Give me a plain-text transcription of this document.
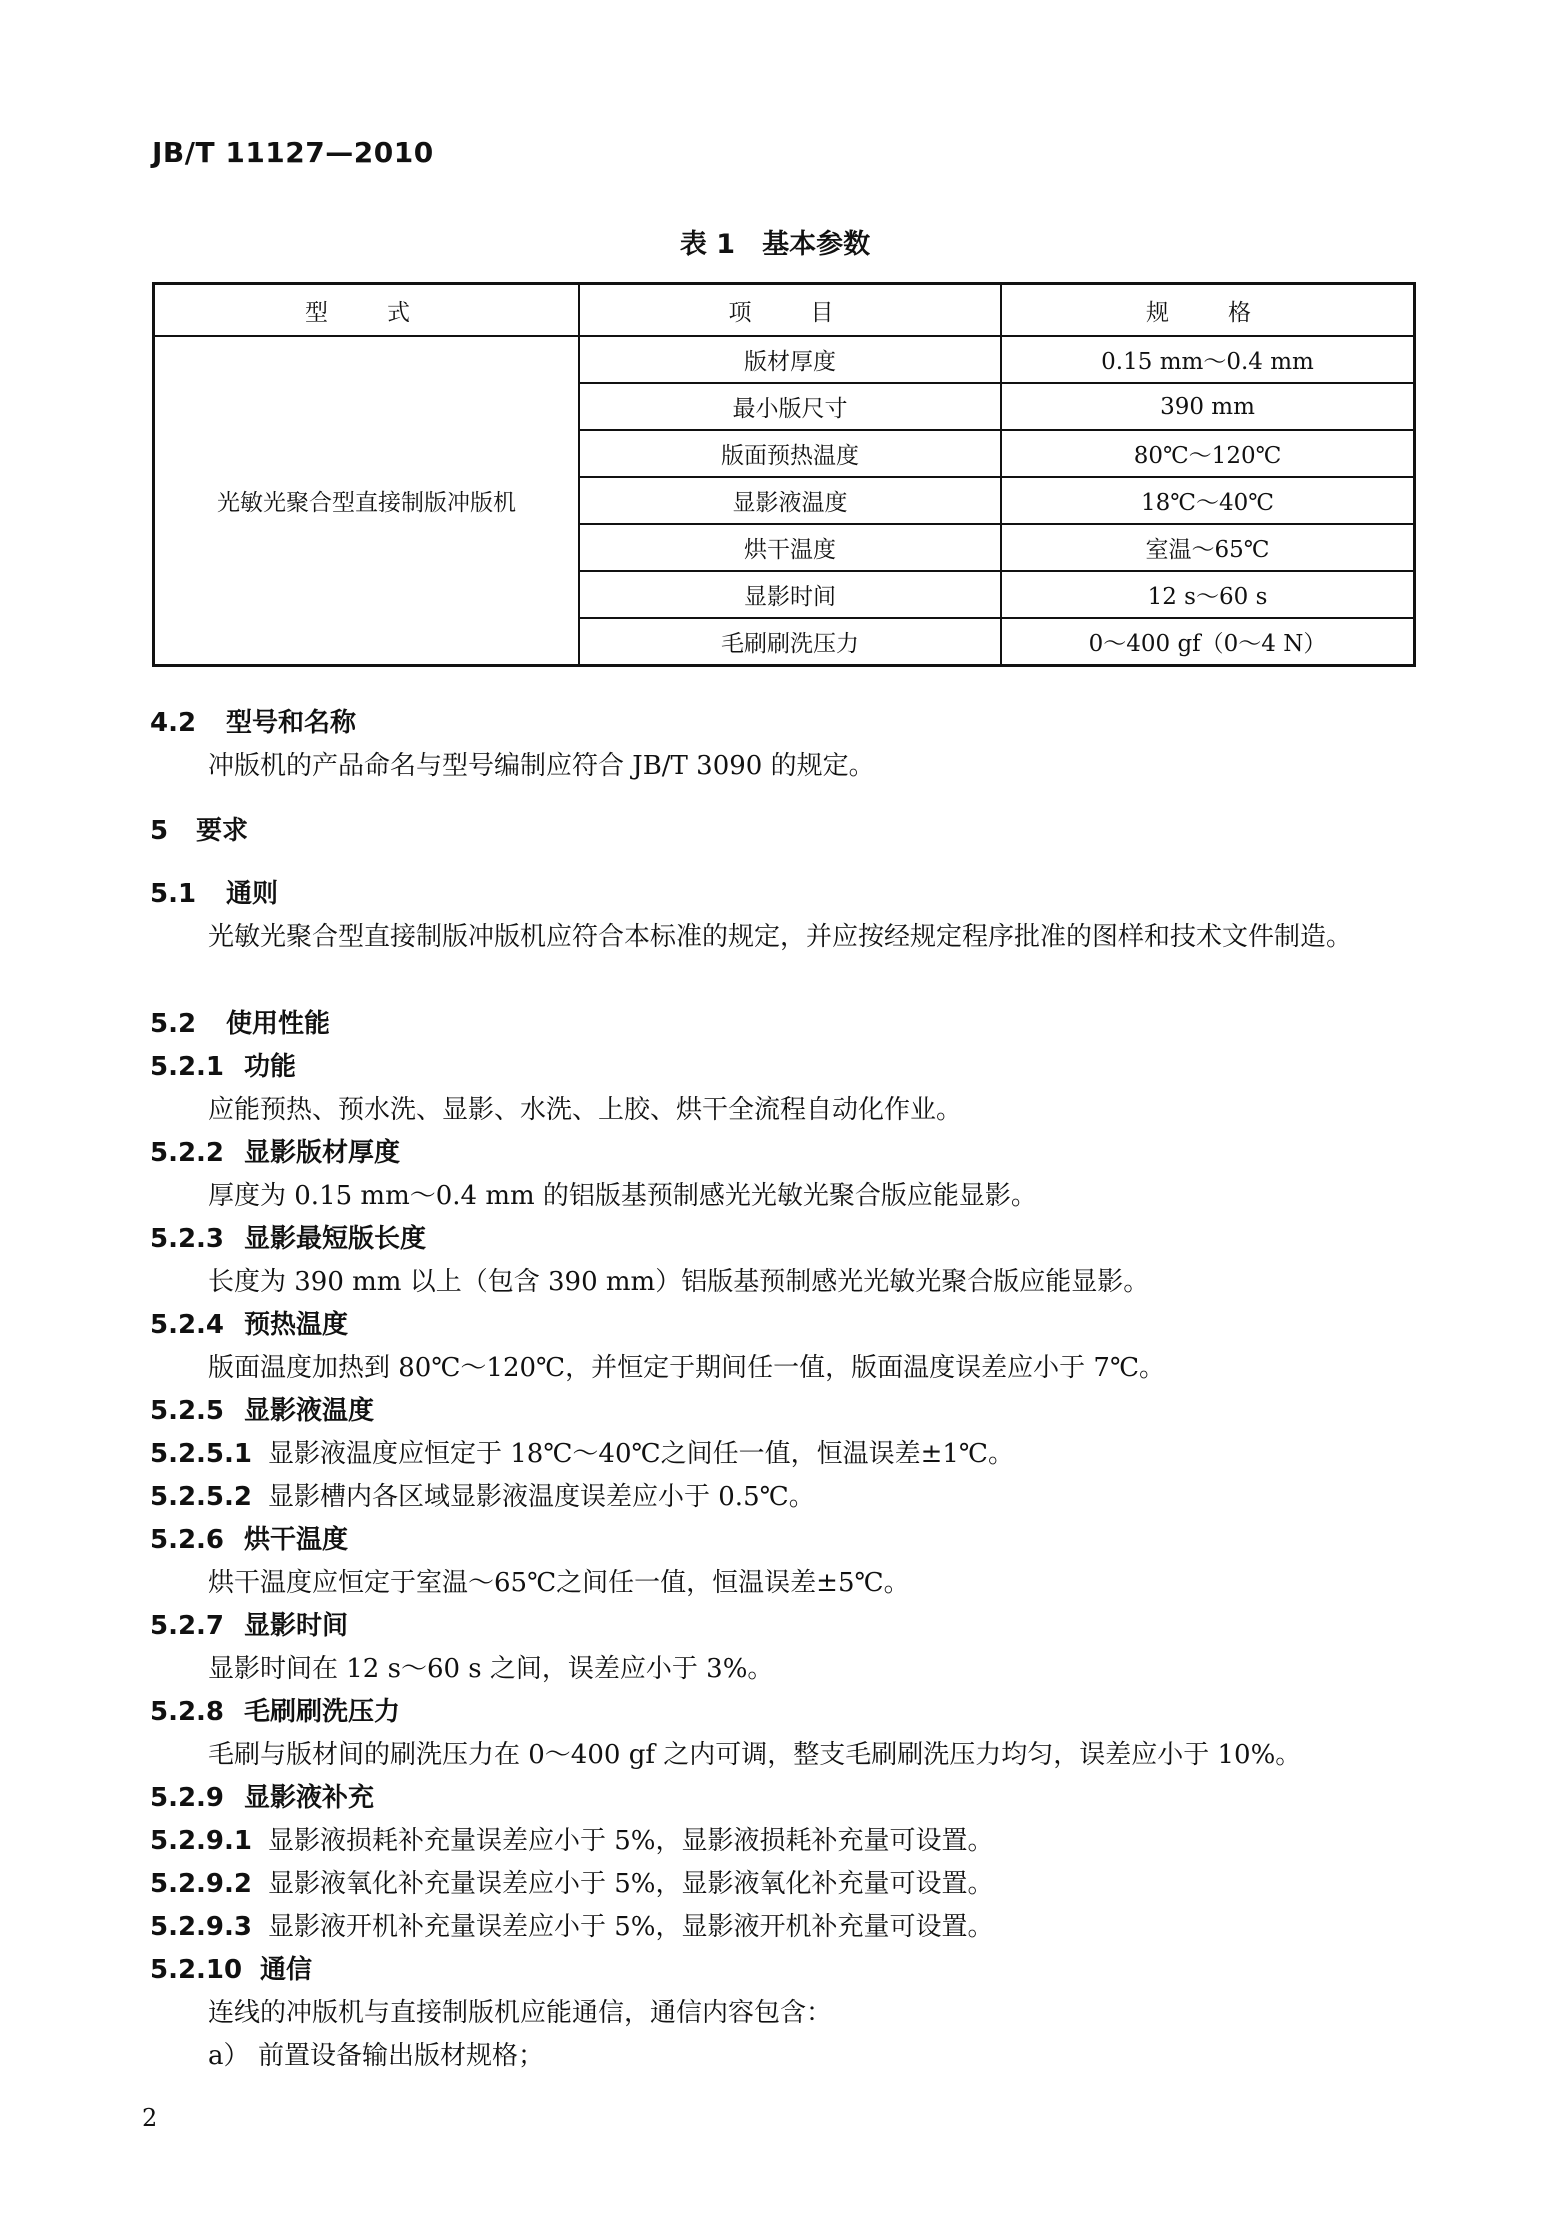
JB/T 11127—2010
表 1　基本参数
型　式	项　目	规　格
光敏光聚合型直接制版冲版机	版材厚度	0.15 mm～0.4 mm
	最小版尺寸	390 mm
	版面预热温度	80℃～120℃
	显影液温度	18℃～40℃
	烘干温度	室温～65℃
	显影时间	12 s～60 s
	毛刷刷洗压力	0～400 gf（0～4 N）
4.2 型号和名称
冲版机的产品命名与型号编制应符合 JB/T 3090 的规定。
5 要求
5.1 通则
光敏光聚合型直接制版冲版机应符合本标准的规定，并应按经规定程序批准的图样和技术文件制造。
5.2 使用性能
5.2.1 功能
应能预热、预水洗、显影、水洗、上胶、烘干全流程自动化作业。
5.2.2 显影版材厚度
厚度为 0.15 mm～0.4 mm 的铝版基预制感光光敏光聚合版应能显影。
5.2.3 显影最短版长度
长度为 390 mm 以上（包含 390 mm）铝版基预制感光光敏光聚合版应能显影。
5.2.4 预热温度
版面温度加热到 80℃～120℃，并恒定于期间任一值，版面温度误差应小于 7℃。
5.2.5 显影液温度
5.2.5.1 显影液温度应恒定于 18℃～40℃之间任一值，恒温误差±1℃。
5.2.5.2 显影槽内各区域显影液温度误差应小于 0.5℃。
5.2.6 烘干温度
烘干温度应恒定于室温～65℃之间任一值，恒温误差±5℃。
5.2.7 显影时间
显影时间在 12 s～60 s 之间，误差应小于 3%。
5.2.8 毛刷刷洗压力
毛刷与版材间的刷洗压力在 0～400 gf 之内可调，整支毛刷刷洗压力均匀，误差应小于 10%。
5.2.9 显影液补充
5.2.9.1 显影液损耗补充量误差应小于 5%，显影液损耗补充量可设置。
5.2.9.2 显影液氧化补充量误差应小于 5%，显影液氧化补充量可设置。
5.2.9.3 显影液开机补充量误差应小于 5%，显影液开机补充量可设置。
5.2.10 通信
连线的冲版机与直接制版机应能通信，通信内容包含：
a） 前置设备输出版材规格；
2
